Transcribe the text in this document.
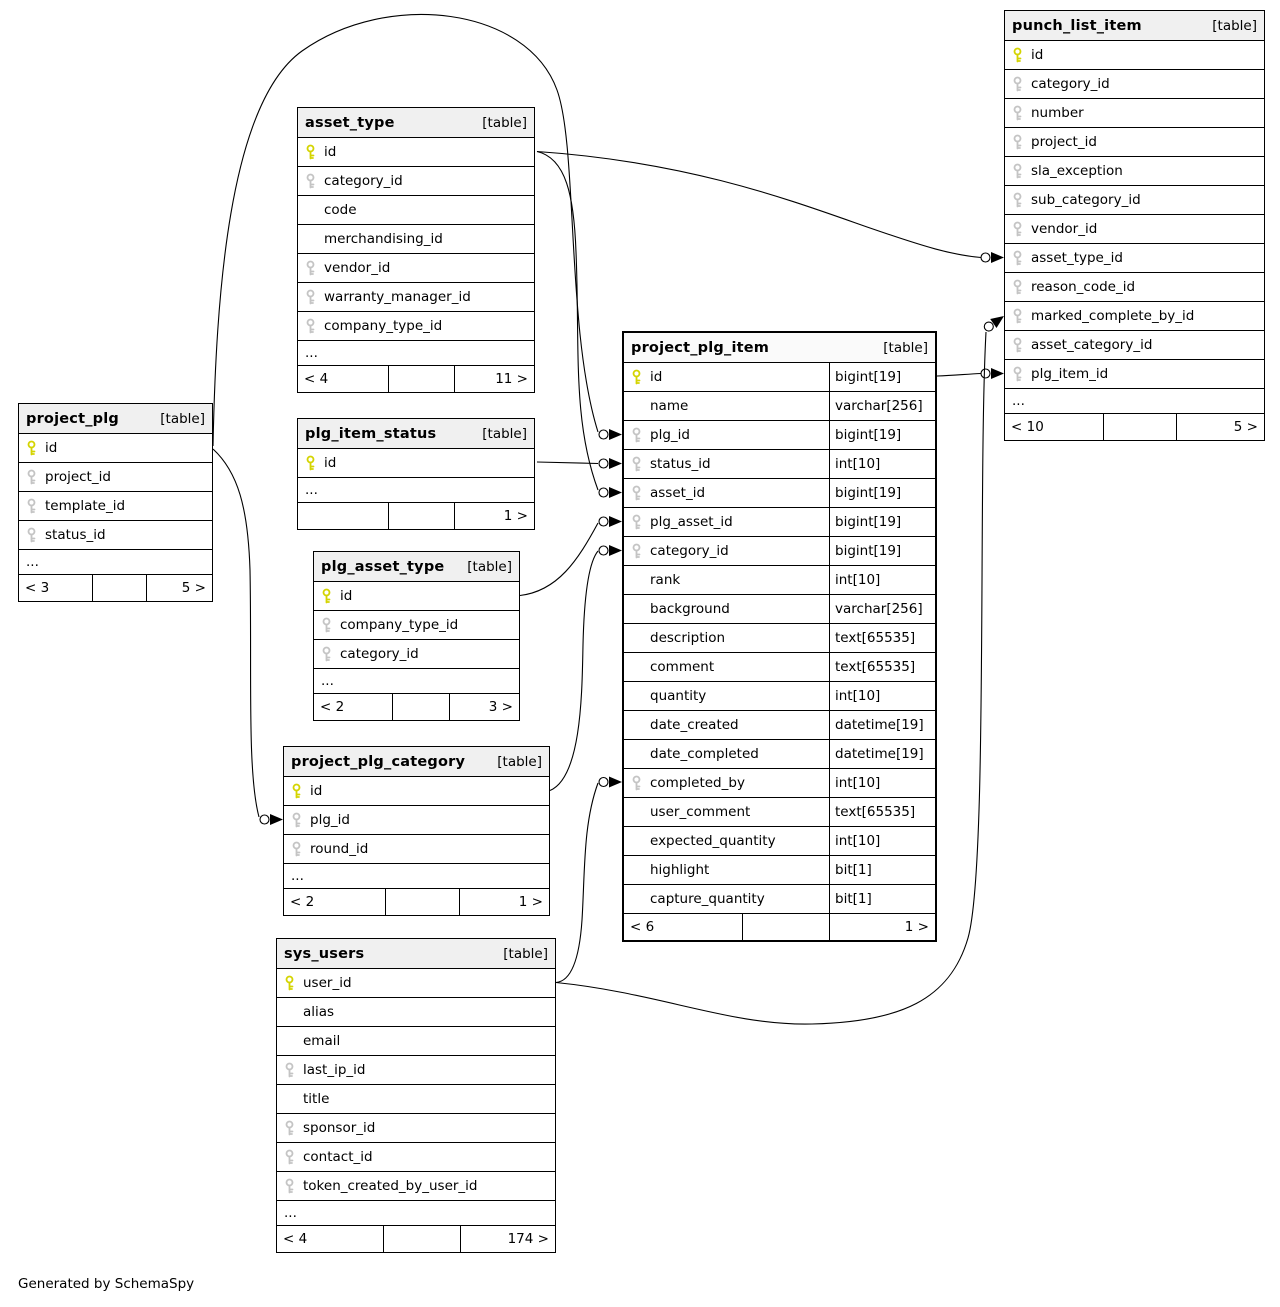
project_plg	[table]
id
project_id
template_id
status_id
...
< 3	5 >
asset_type	[table]
id
category_id
code
merchandising_id
vendor_id
warranty_manager_id
company_type_id
...
< 4	11 >
plg_item_status	[table]
id
...
1 >
plg_asset_type [table]
id
company_type_id
category_id
...
< 2	3 >
project_plg_category [table]
id
plg_id
round_id
...
< 2	1 >
sys_users	[table]
user_id
alias
email
last_ip_id
title
sponsor_id
contact_id
token_created_by_user_id
...
< 4	174 >
project_plg_item	[table]
id	bigint[19]
name	varchar[256]
plg_id	bigint[19]
status_id	int[10]
asset_id	bigint[19]
plg_asset_id	bigint[19]
category_id	bigint[19]
rank	int[10]
background	varchar[256]
description	text[65535]
comment	text[65535]
quantity	int[10]
date_created	datetime[19]
date_completed	datetime[19]
completed_by	int[10]
user_comment	text[65535]
expected_quantity	int[10]
highlight	bit[1]
capture_quantity	bit[1]
< 6	1 >
punch_list_item	[table]
id
category_id
number
project_id
sla_exception
sub_category_id
vendor_id
asset_type_id
reason_code_id
marked_complete_by_id
asset_category_id
plg_item_id
...
< 10	5 >
Generated by SchemaSpy
